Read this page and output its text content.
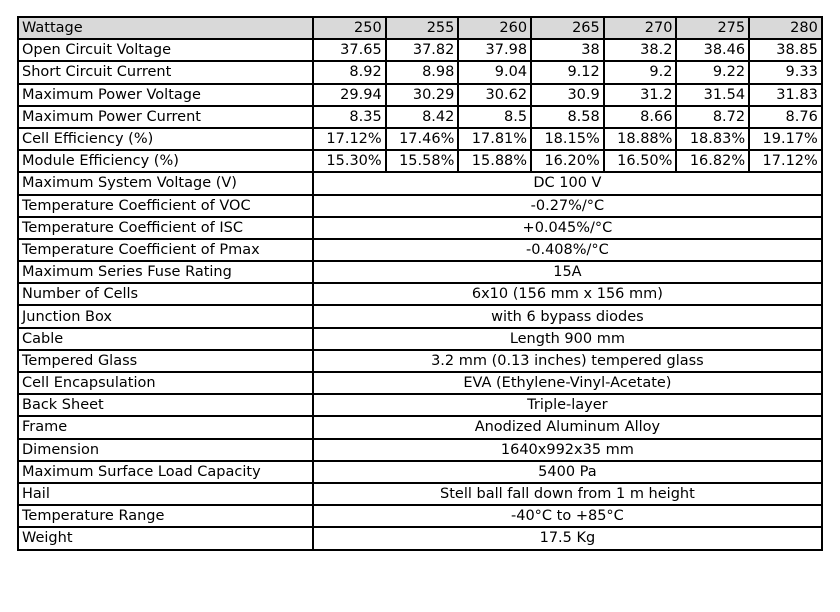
Wattage	250	255	260	265	270	275	280
Open Circuit Voltage	37.65	37.82	37.98	38	38.2	38.46	38.85
Short Circuit Current	8.92	8.98	9.04	9.12	9.2	9.22	9.33
Maximum Power Voltage	29.94	30.29	30.62	30.9	31.2	31.54	31.83
Maximum Power Current	8.35	8.42	8.5	8.58	8.66	8.72	8.76
Cell Efficiency (%)	17.12%	17.46%	17.81%	18.15%	18.88%	18.83%	19.17%
Module Efficiency (%)	15.30%	15.58%	15.88%	16.20%	16.50%	16.82%	17.12%
Maximum System Voltage (V)	DC 100 V						
Temperature Coefficient of VOC	-0.27%/°C						
Temperature Coefficient of ISC	+0.045%/°C						
Temperature Coefficient of Pmax	-0.408%/°C						
Maximum Series Fuse Rating	15A						
Number of Cells	6x10 (156 mm x 156 mm)						
Junction Box	with 6 bypass diodes						
Cable	Length 900 mm						
Tempered Glass	3.2 mm (0.13 inches) tempered glass						
Cell Encapsulation	EVA (Ethylene-Vinyl-Acetate)						
Back Sheet	Triple-layer						
Frame	Anodized Aluminum Alloy						
Dimension	1640x992x35 mm						
Maximum Surface Load Capacity	5400 Pa						
Hail	Stell ball fall down from 1 m height						
Temperature Range	-40°C to +85°C						
Weight	17.5 Kg						
